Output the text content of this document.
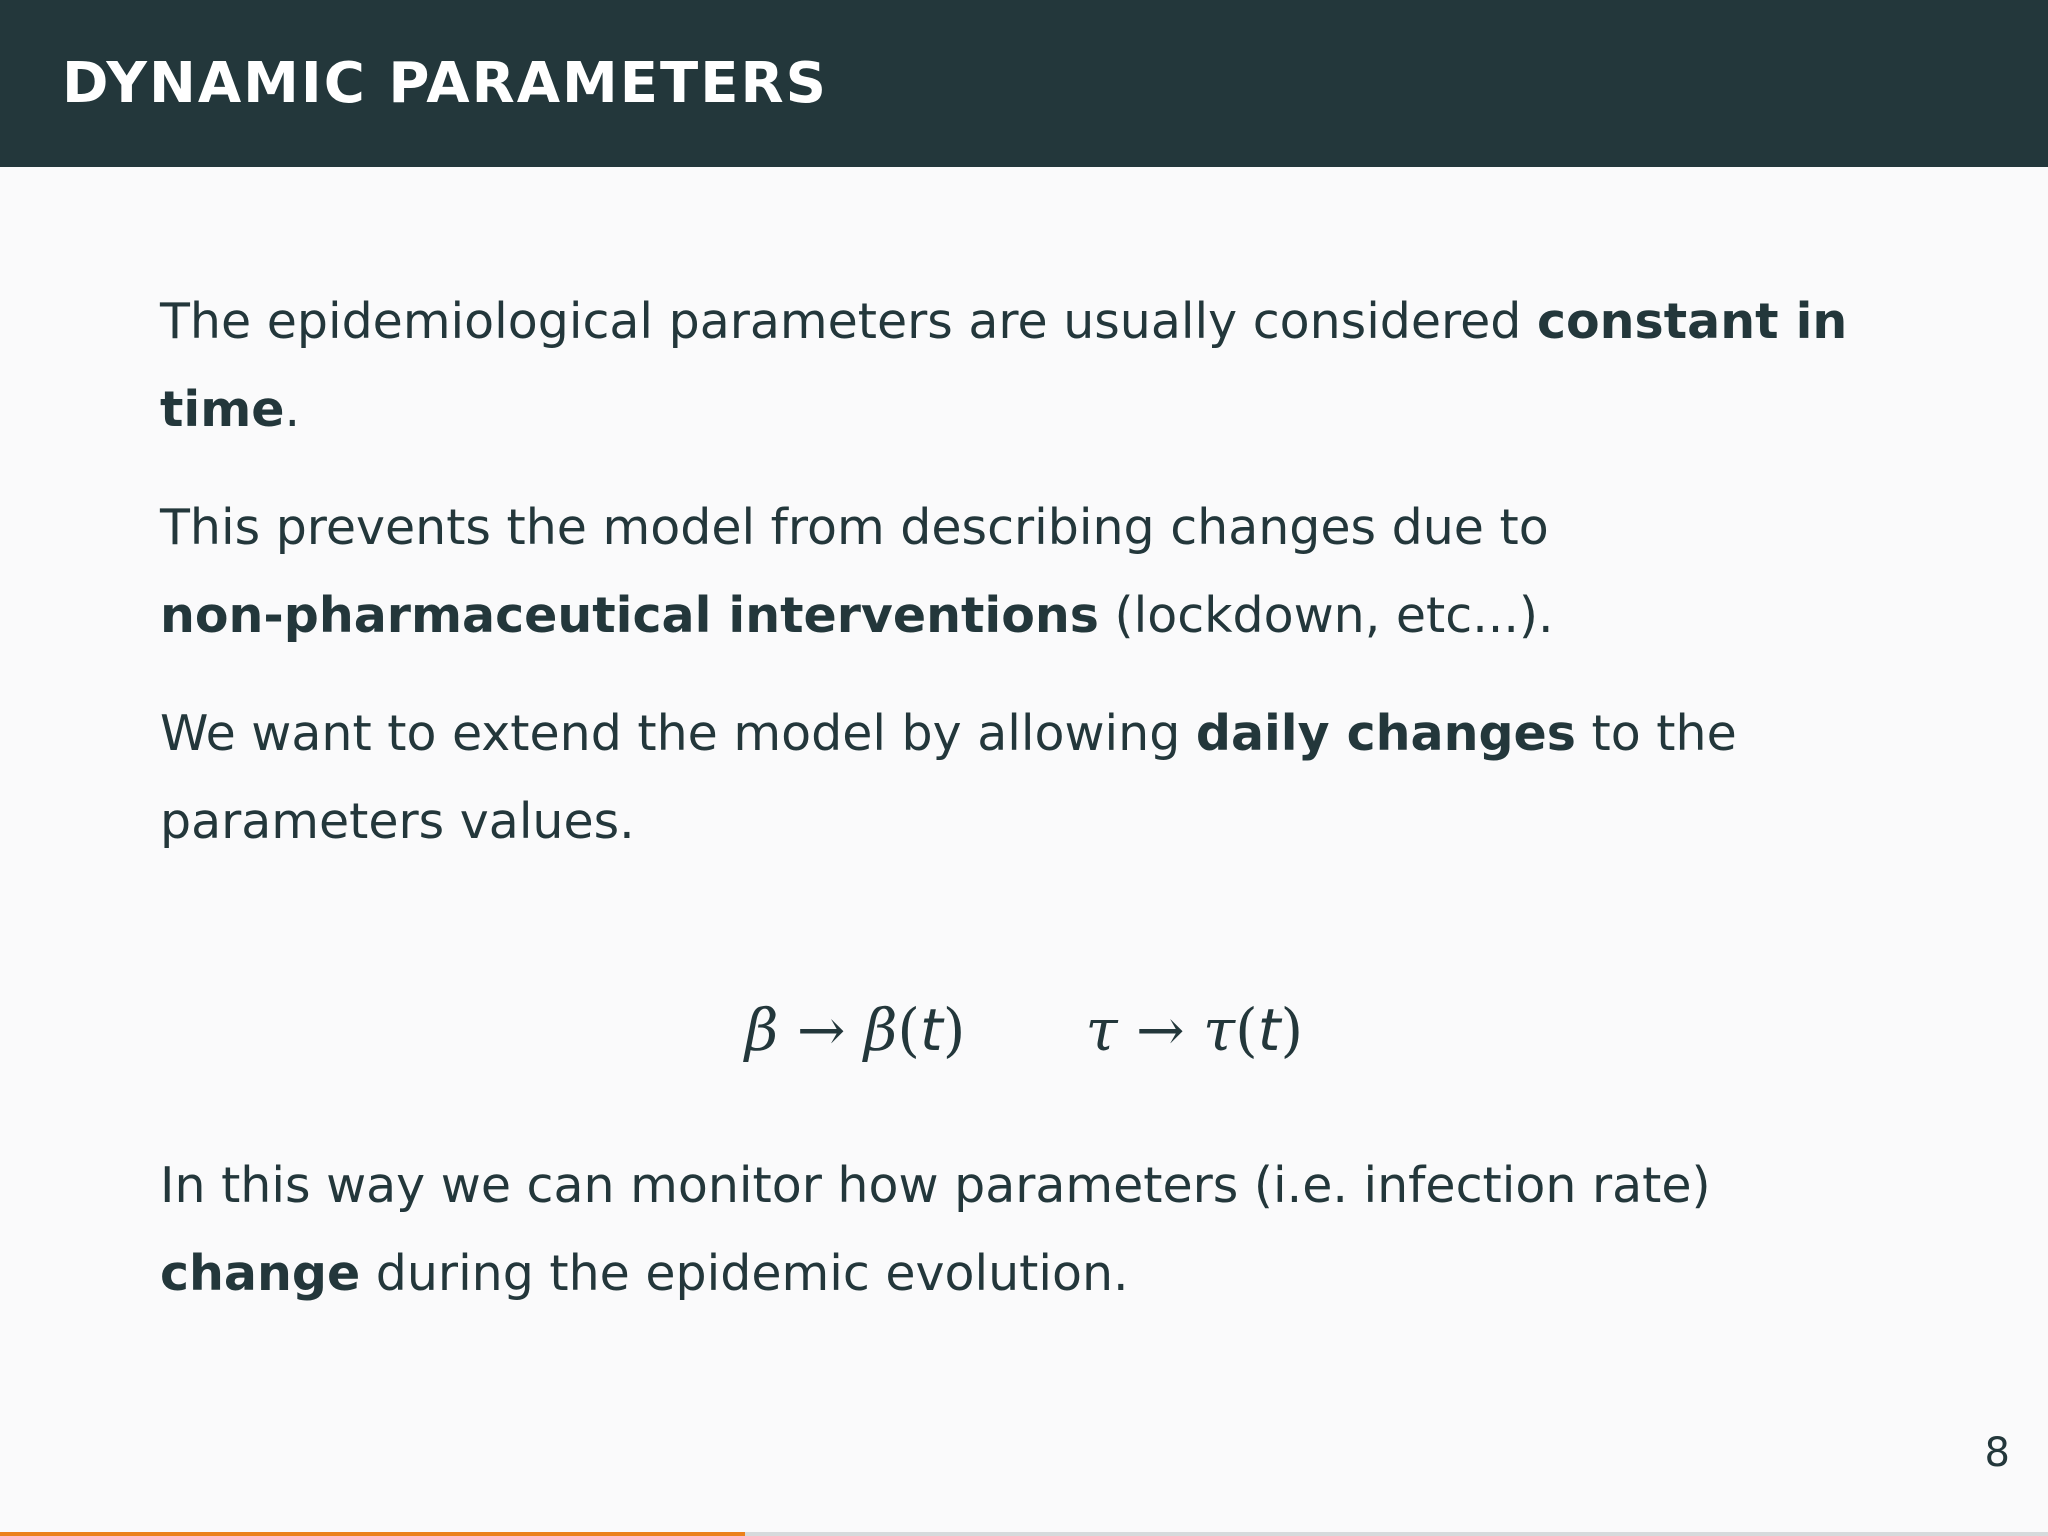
DYNAMIC PARAMETERS
The epidemiological parameters are usually considered constant in
time.
This prevents the model from describing changes due to
non-pharmaceutical interventions (lockdown, etc...).
We want to extend the model by allowing daily changes to the
parameters values.
β → β(t) τ → τ(t)
In this way we can monitor how parameters (i.e. infection rate)
change during the epidemic evolution.
8
